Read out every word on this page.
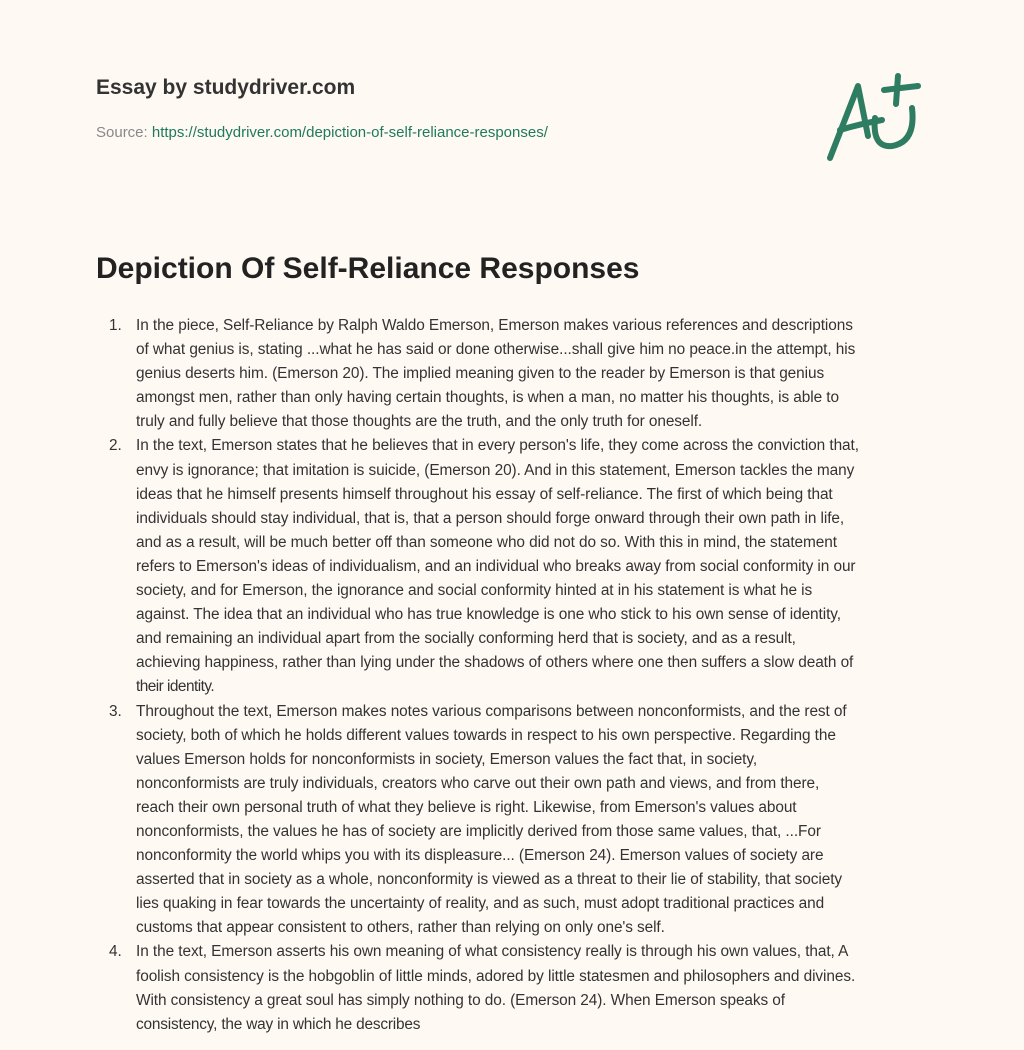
Essay by studydriver.com
Source: https://studydriver.com/depiction-of-self-reliance-responses/
Depiction Of Self-Reliance Responses
1. In the piece, Self-Reliance by Ralph Waldo Emerson, Emerson makes various references and descriptions
of what genius is, stating ...what he has said or done otherwise...shall give him no peace.in the attempt, his
genius deserts him. (Emerson 20). The implied meaning given to the reader by Emerson is that genius
amongst men, rather than only having certain thoughts, is when a man, no matter his thoughts, is able to
truly and fully believe that those thoughts are the truth, and the only truth for oneself.
2. In the text, Emerson states that he believes that in every person's life, they come across the conviction that,
envy is ignorance; that imitation is suicide, (Emerson 20). And in this statement, Emerson tackles the many
ideas that he himself presents himself throughout his essay of self-reliance. The first of which being that
individuals should stay individual, that is, that a person should forge onward through their own path in life,
and as a result, will be much better off than someone who did not do so. With this in mind, the statement
refers to Emerson's ideas of individualism, and an individual who breaks away from social conformity in our
society, and for Emerson, the ignorance and social conformity hinted at in his statement is what he is
against. The idea that an individual who has true knowledge is one who stick to his own sense of identity,
and remaining an individual apart from the socially conforming herd that is society, and as a result,
achieving happiness, rather than lying under the shadows of others where one then suffers a slow death of
their identity.
3. Throughout the text, Emerson makes notes various comparisons between nonconformists, and the rest of
society, both of which he holds different values towards in respect to his own perspective. Regarding the
values Emerson holds for nonconformists in society, Emerson values the fact that, in society,
nonconformists are truly individuals, creators who carve out their own path and views, and from there,
reach their own personal truth of what they believe is right. Likewise, from Emerson's values about
nonconformists, the values he has of society are implicitly derived from those same values, that, ...For
nonconformity the world whips you with its displeasure... (Emerson 24). Emerson values of society are
asserted that in society as a whole, nonconformity is viewed as a threat to their lie of stability, that society
lies quaking in fear towards the uncertainty of reality, and as such, must adopt traditional practices and
customs that appear consistent to others, rather than relying on only one's self.
4. In the text, Emerson asserts his own meaning of what consistency really is through his own values, that, A
foolish consistency is the hobgoblin of little minds, adored by little statesmen and philosophers and divines.
With consistency a great soul has simply nothing to do. (Emerson 24). When Emerson speaks of
consistency, the way in which he describes
